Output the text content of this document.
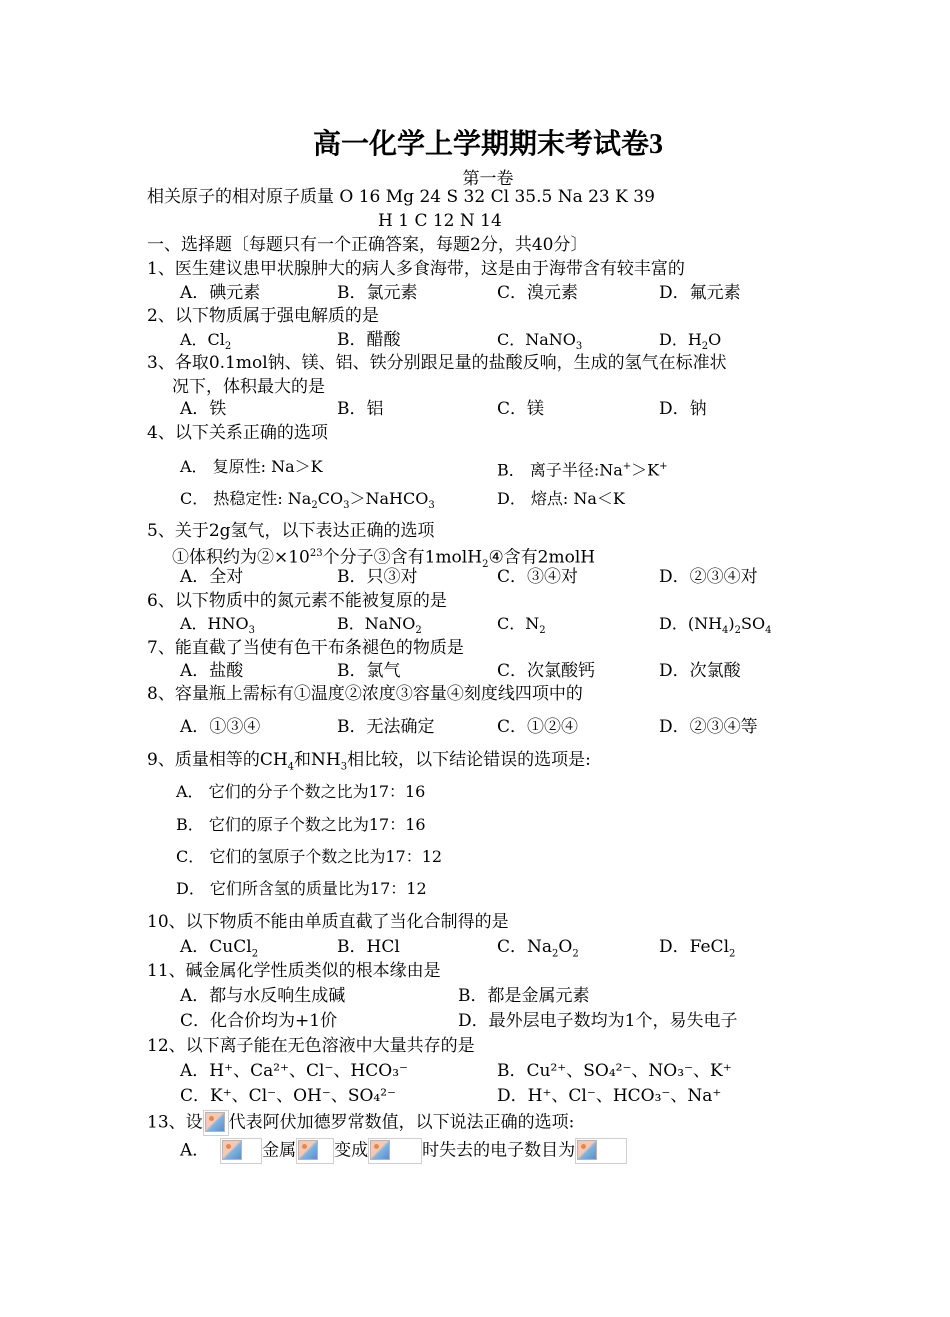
高一化学上学期期末考试卷3
第一卷
相关原子的相对原子质量 O 16 Mg 24 S 32 Cl 35.5 Na 23 K 39
H 1 C 12 N 14
一、选择题〔每题只有一个正确答案，每题2分，共40分〕
1、医生建议患甲状腺肿大的病人多食海带，这是由于海带含有较丰富的
A．碘元素	B．氯元素	C．溴元素	D．氟元素
2、以下物质属于强电解质的是
A．$Cl_2$	B．醋酸	C．NaNO$_3$	D．$H_2O$
3、各取0.1mol钠、镁、铝、铁分别跟足量的盐酸反响，生成的氢气在标准状
况下，体积最大的是
A．铁	B．铝	C．镁	D．钠
4、以下关系正确的选项
A． 复原性: Na＞K	B． 离子半径:Na+＞K+
C． 热稳定性: $Na_2CO_3>NaHCO_3$	D． 熔点: Na＜K
5、关于2g氢气，以下表达正确的选项
①体积约为$②\times 10^{23}$个分子③含有1molH$_2$④含有2molH
A．全对	B．只③对	C．③④对	D．②③④对
6、以下物质中的氮元素不能被复原的是
A．$HNO_3$	B．NaNO$_2$	C．$N_2$	D．$(NH_4)_2SO_4$
7、能直截了当使有色干布条褪色的物质是
A．盐酸	B．氯气	C．次氯酸钙	D．次氯酸
8、容量瓶上需标有①温度②浓度③容量④刻度线四项中的
A．①③④	B．无法确定	C．①②④	D．②③④等
9、质量相等的$CH_4$和$NH_3$相比较，以下结论错误的选项是:
A． 它们的分子个数之比为17：16
B． 它们的原子个数之比为17：16
C． 它们的氢原子个数之比为17：12
D． 它们所含氢的质量比为17：12
10、以下物质不能由单质直截了当化合制得的是
A．CuCl$_2$	B．HCl	C．$Na_2O_2$	D．FeCl$_2$
11、碱金属化学性质类似的根本缘由是
A．都与水反响生成碱	B．都是金属元素
C．化合价均为+1价	D．最外层电子数均为1个，易失电子
12、以下离子能在无色溶液中大量共存的是
A．H⁺、Ca²⁺、Cl⁻、HCO₃⁻	B．Cu²⁺、SO₄²⁻、NO₃⁻、K⁺
C．K⁺、Cl⁻、OH⁻、SO₄²⁻	D．H⁺、Cl⁻、HCO₃⁻、Na⁺
13、设 代表阿伏加德罗常数值，以下说法正确的选项:
A．	金属 变成	时失去的电子数目为
